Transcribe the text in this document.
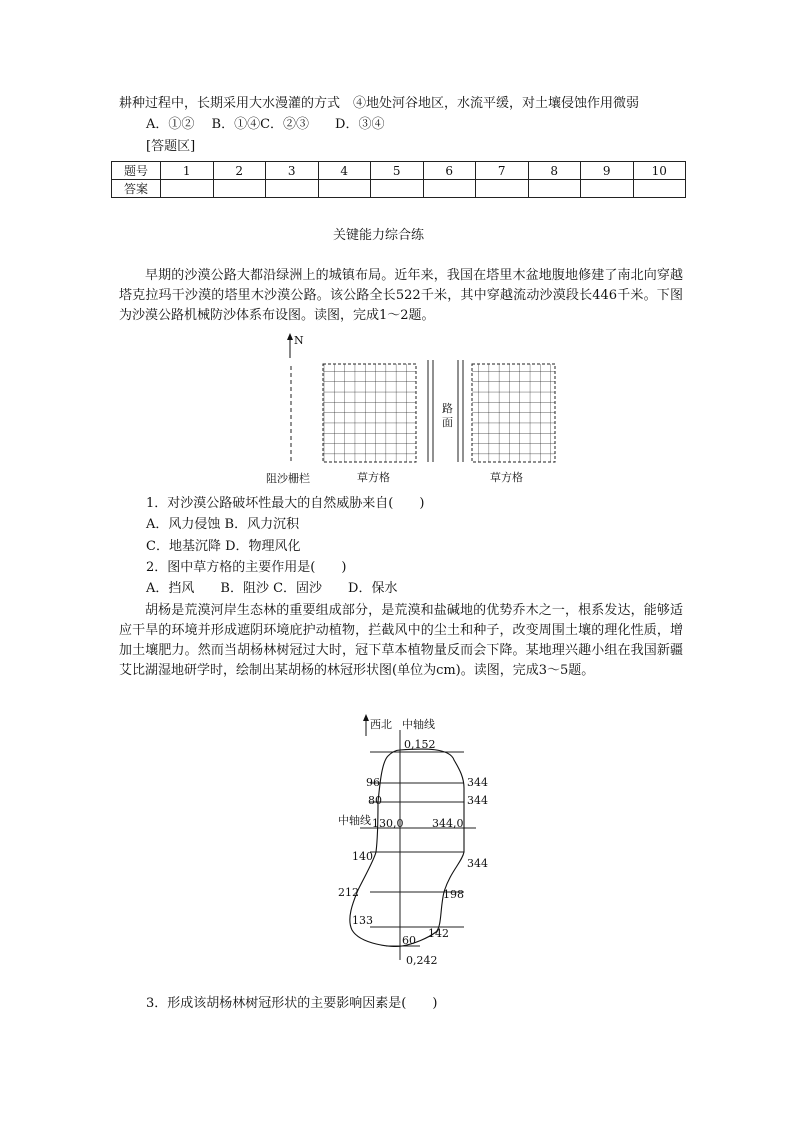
耕种过程中，长期采用大水漫灌的方式　④地处河谷地区，水流平缓，对土壤侵蚀作用微弱
A．①②　 B．①④C．②③　　D．③④
[答题区]
题号	1	2	3	4	5	6	7	8	9	10
答案										
关键能力综合练
早期的沙漠公路大都沿绿洲上的城镇布局。近年来，我国在塔里木盆地腹地修建了南北向穿越塔克拉玛干沙漠的塔里木沙漠公路。该公路全长522千米，其中穿越流动沙漠段长446千米。下图为沙漠公路机械防沙体系布设图。读图，完成1～2题。
N
路
面
阻沙栅栏	草方格	草方格
1．对沙漠公路破坏性最大的自然威胁来自(　　)
A．风力侵蚀 B．风力沉积
C．地基沉降 D．物理风化
2．图中草方格的主要作用是(　　)
A．挡风　　B．阻沙 C．固沙　　D．保水
胡杨是荒漠河岸生态林的重要组成部分，是荒漠和盐碱地的优势乔木之一，根系发达，能够适应干旱的环境并形成遮阴环境庇护动植物，拦截风中的尘土和种子，改变周围土壤的理化性质，增加土壤肥力。然而当胡杨林树冠过大时，冠下草本植物量反而会下降。某地理兴趣小组在我国新疆艾比湖湿地研学时，绘制出某胡杨的林冠形状图(单位为cm)。读图，完成3～5题。
西北 中轴线
0,152
0,242
中轴线 130,0	344,0
96
80
140
212
133
344
344
344
198
142
60
3．形成该胡杨林树冠形状的主要影响因素是(　　)
